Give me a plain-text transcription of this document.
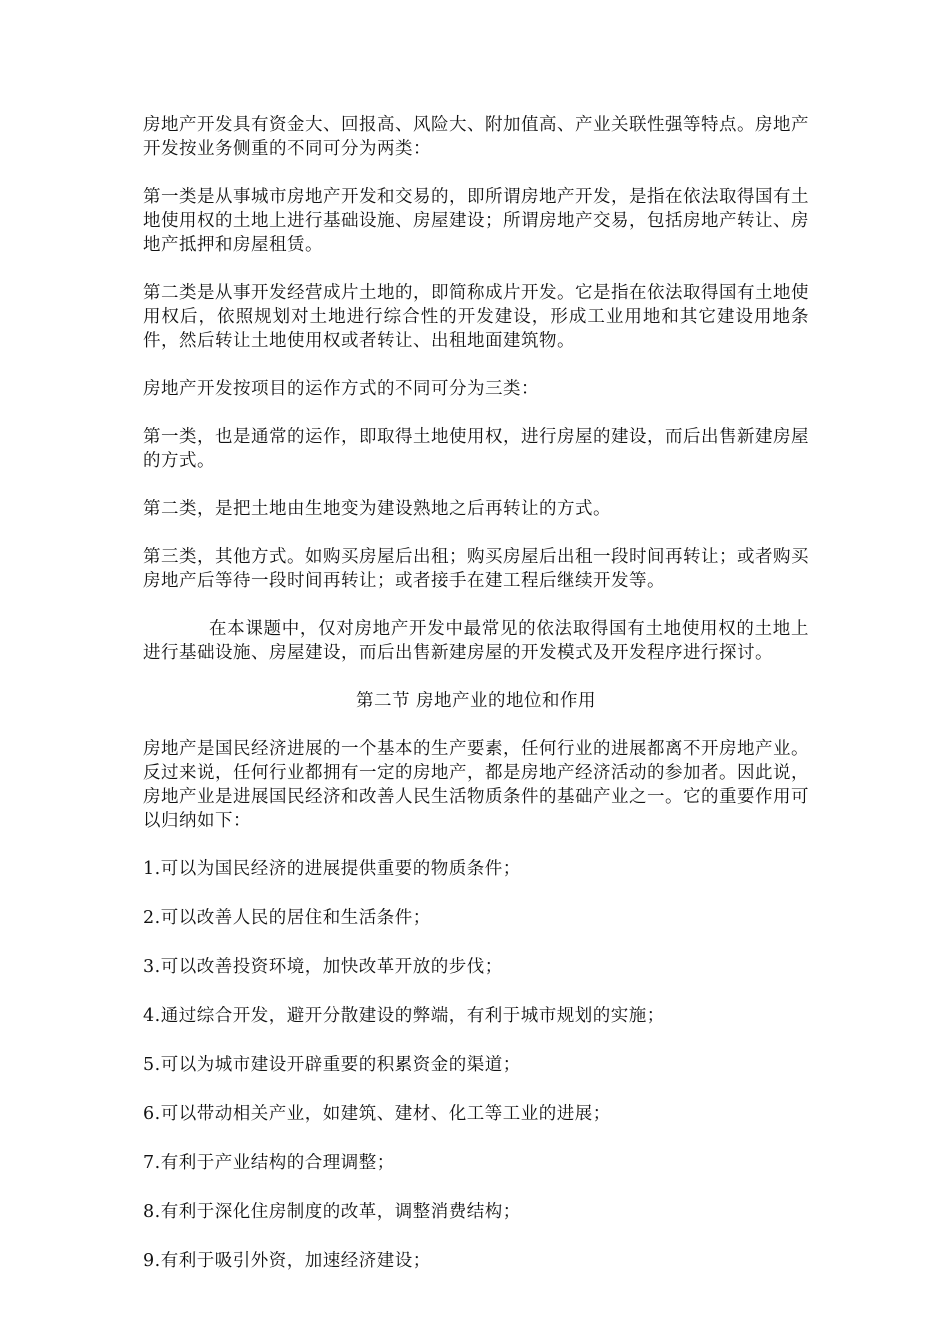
房地产开发具有资金大、回报高、风险大、附加值高、产业关联性强等特点。房地产开发按业务侧重的不同可分为两类：

第一类是从事城市房地产开发和交易的，即所谓房地产开发，是指在依法取得国有土地使用权的土地上进行基础设施、房屋建设；所谓房地产交易，包括房地产转让、房地产抵押和房屋租赁。

第二类是从事开发经营成片土地的，即简称成片开发。它是指在依法取得国有土地使用权后，依照规划对土地进行综合性的开发建设，形成工业用地和其它建设用地条件，然后转让土地使用权或者转让、出租地面建筑物。

房地产开发按项目的运作方式的不同可分为三类：

第一类，也是通常的运作，即取得土地使用权，进行房屋的建设，而后出售新建房屋的方式。

第二类，是把土地由生地变为建设熟地之后再转让的方式。

第三类，其他方式。如购买房屋后出租；购买房屋后出租一段时间再转让；或者购买房地产后等待一段时间再转让；或者接手在建工程后继续开发等。

在本课题中，仅对房地产开发中最常见的依法取得国有土地使用权的土地上进行基础设施、房屋建设，而后出售新建房屋的开发模式及开发程序进行探讨。

第二节 房地产业的地位和作用

房地产是国民经济进展的一个基本的生产要素，任何行业的进展都离不开房地产业。反过来说，任何行业都拥有一定的房地产，都是房地产经济活动的参加者。因此说，房地产业是进展国民经济和改善人民生活物质条件的基础产业之一。它的重要作用可以归纳如下：

1.可以为国民经济的进展提供重要的物质条件；

2.可以改善人民的居住和生活条件；

3.可以改善投资环境，加快改革开放的步伐；

4.通过综合开发，避开分散建设的弊端，有利于城市规划的实施；

5.可以为城市建设开辟重要的积累资金的渠道；

6.可以带动相关产业，如建筑、建材、化工等工业的进展；

7.有利于产业结构的合理调整；

8.有利于深化住房制度的改革，调整消费结构；

9.有利于吸引外资，加速经济建设；
